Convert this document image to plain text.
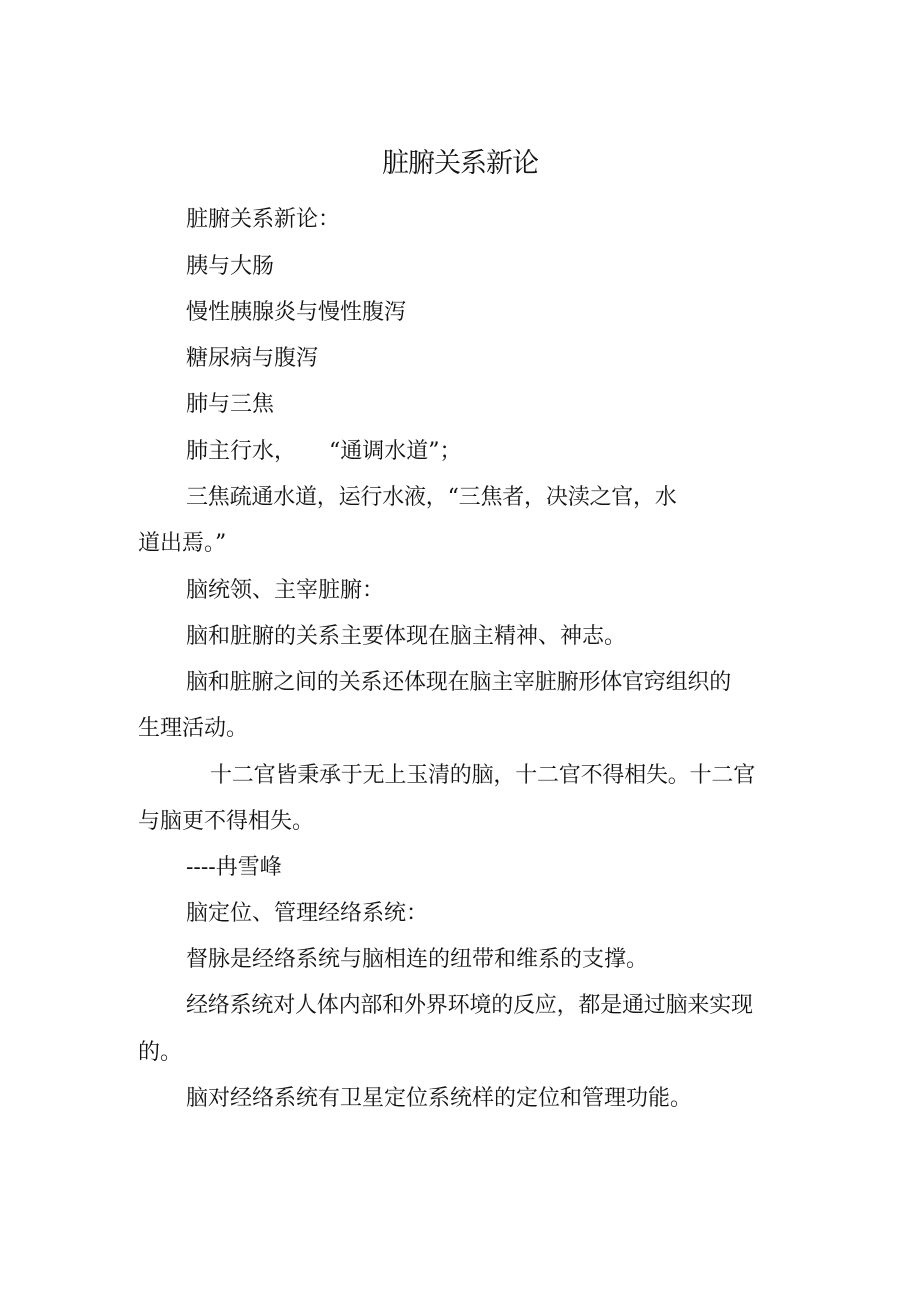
脏腑关系新论
脏腑关系新论：
胰与大肠
慢性胰腺炎与慢性腹泻
糖尿病与腹泻
肺与三焦
肺主行水，　　“通调水道”；
三焦疏通水道，运行水液，“三焦者，决渎之官，水
道出焉。”
脑统领、主宰脏腑：
脑和脏腑的关系主要体现在脑主精神、神志。
脑和脏腑之间的关系还体现在脑主宰脏腑形体官窍组织的
生理活动。
十二官皆秉承于无上玉清的脑，十二官不得相失。十二官
与脑更不得相失。
----冉雪峰
脑定位、管理经络系统：
督脉是经络系统与脑相连的纽带和维系的支撑。
经络系统对人体内部和外界环境的反应，都是通过脑来实现
的。
脑对经络系统有卫星定位系统样的定位和管理功能。
